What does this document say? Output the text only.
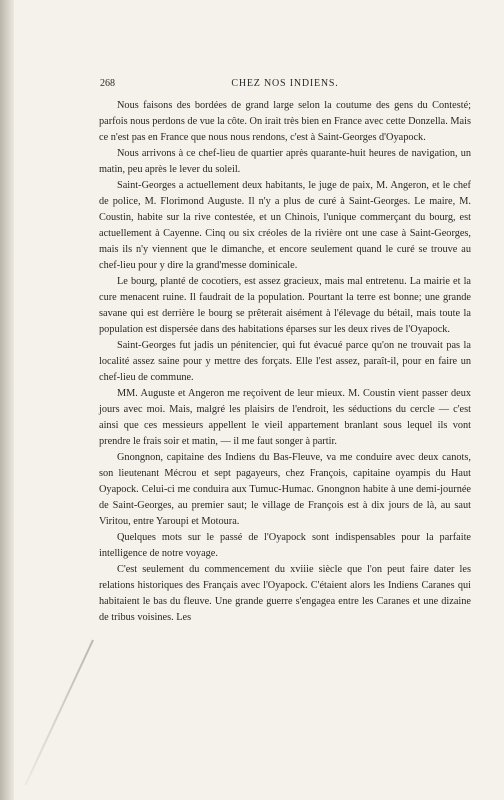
268	CHEZ NOS INDIENS.

Nous faisons des bordées de grand large selon la coutume des gens du Contesté; parfois nous perdons de vue la côte. On irait très bien en France avec cette Donzella. Mais ce n'est pas en France que nous nous rendons, c'est à Saint-Georges d'Oyapock.

Nous arrivons à ce chef-lieu de quartier après quarante-huit heures de navigation, un matin, peu après le lever du soleil.

Saint-Georges a actuellement deux habitants, le juge de paix, M. Angeron, et le chef de police, M. Florimond Auguste. Il n'y a plus de curé à Saint-Georges. Le maire, M. Coustin, habite sur la rive contestée, et un Chinois, l'unique commerçant du bourg, est actuellement à Cayenne. Cinq ou six créoles de la rivière ont une case à Saint-Georges, mais ils n'y viennent que le dimanche, et encore seulement quand le curé se trouve au chef-lieu pour y dire la grand'messe dominicale.

Le bourg, planté de cocotiers, est assez gracieux, mais mal entretenu. La mairie et la cure menacent ruine. Il faudrait de la population. Pourtant la terre est bonne; une grande savane qui est derrière le bourg se prêterait aisément à l'élevage du bétail, mais toute la population est dispersée dans des habitations éparses sur les deux rives de l'Oyapock.

Saint-Georges fut jadis un pénitencier, qui fut évacué parce qu'on ne trouvait pas la localité assez saine pour y mettre des forçats. Elle l'est assez, paraît-il, pour en faire un chef-lieu de commune.

MM. Auguste et Angeron me reçoivent de leur mieux. M. Coustin vient passer deux jours avec moi. Mais, malgré les plaisirs de l'endroit, les séductions du cercle — c'est ainsi que ces messieurs appellent le vieil appartement branlant sous lequel ils vont prendre le frais soir et matin, — il me faut songer à partir.

Gnongnon, capitaine des Indiens du Bas-Fleuve, va me conduire avec deux canots, son lieutenant Mécrou et sept pagayeurs, chez François, capitaine oyampis du Haut Oyapock. Celui-ci me conduira aux Tumuc-Humac. Gnongnon habite à une demi-journée de Saint-Georges, au premier saut; le village de François est à dix jours de là, au saut Viritou, entre Yaroupi et Motoura.

Quelques mots sur le passé de l'Oyapock sont indispensables pour la parfaite intelligence de notre voyage.

C'est seulement du commencement du xviiie siècle que l'on peut faire dater les relations historiques des Français avec l'Oyapock. C'étaient alors les Indiens Caranes qui habitaient le bas du fleuve. Une grande guerre s'engagea entre les Caranes et une dizaine de tribus voisines. Les
